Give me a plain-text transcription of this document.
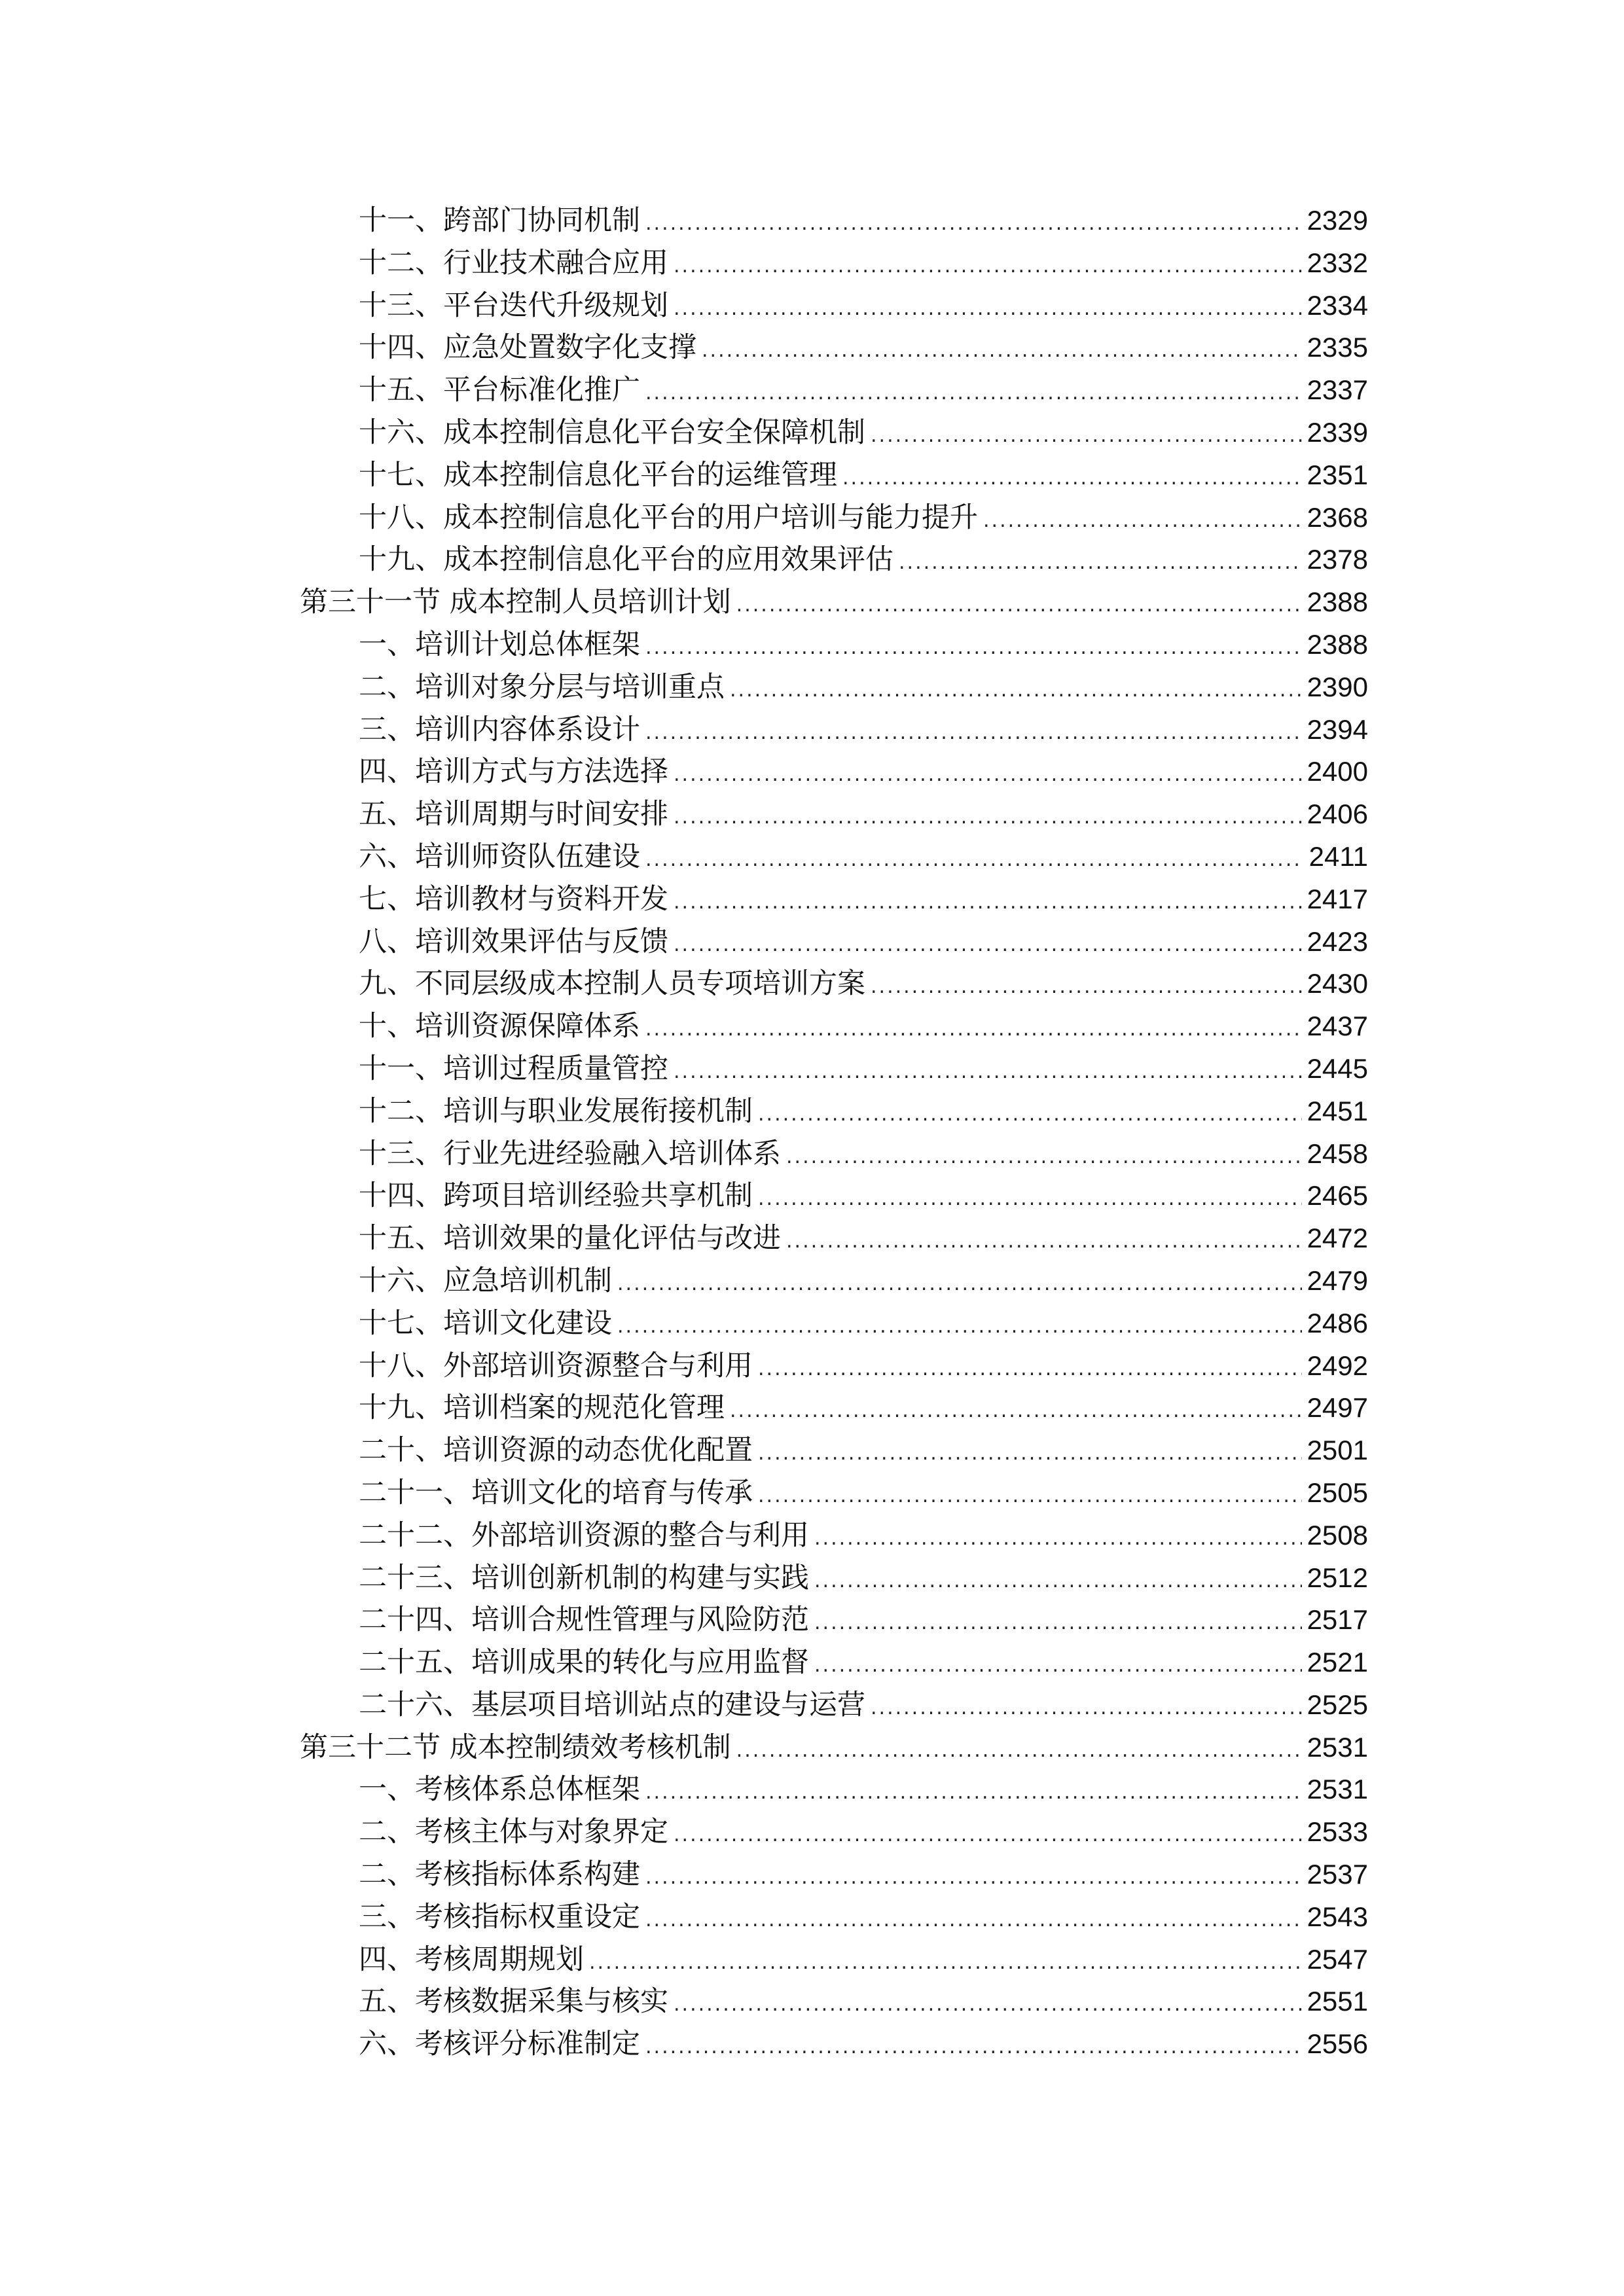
十一、跨部门协同机制 .....	2329
十二、行业技术融合应用 .....	2332
十三、平台迭代升级规划 .....	2334
十四、应急处置数字化支撑 .....	2335
十五、平台标准化推广 .....	2337
十六、成本控制信息化平台安全保障机制 .....	2339
十七、成本控制信息化平台的运维管理 .....	2351
十八、成本控制信息化平台的用户培训与能力提升 .....	2368
十九、成本控制信息化平台的应用效果评估 .....	2378
第三十一节 成本控制人员培训计划 .....	2388
一、培训计划总体框架 .....	2388
二、培训对象分层与培训重点 .....	2390
三、培训内容体系设计 .....	2394
四、培训方式与方法选择 .....	2400
五、培训周期与时间安排 .....	2406
六、培训师资队伍建设 .....	2411
七、培训教材与资料开发 .....	2417
八、培训效果评估与反馈 .....	2423
九、不同层级成本控制人员专项培训方案 .....	2430
十、培训资源保障体系 .....	2437
十一、培训过程质量管控 .....	2445
十二、培训与职业发展衔接机制 .....	2451
十三、行业先进经验融入培训体系 .....	2458
十四、跨项目培训经验共享机制 .....	2465
十五、培训效果的量化评估与改进 .....	2472
十六、应急培训机制 .....	2479
十七、培训文化建设 .....	2486
十八、外部培训资源整合与利用 .....	2492
十九、培训档案的规范化管理 .....	2497
二十、培训资源的动态优化配置 .....	2501
二十一、培训文化的培育与传承 .....	2505
二十二、外部培训资源的整合与利用 .....	2508
二十三、培训创新机制的构建与实践 .....	2512
二十四、培训合规性管理与风险防范 .....	2517
二十五、培训成果的转化与应用监督 .....	2521
二十六、基层项目培训站点的建设与运营 .....	2525
第三十二节 成本控制绩效考核机制 .....	2531
一、考核体系总体框架 .....	2531
二、考核主体与对象界定 .....	2533
二、考核指标体系构建 .....	2537
三、考核指标权重设定 .....	2543
四、考核周期规划 .....	2547
五、考核数据采集与核实 .....	2551
六、考核评分标准制定 .....	2556
